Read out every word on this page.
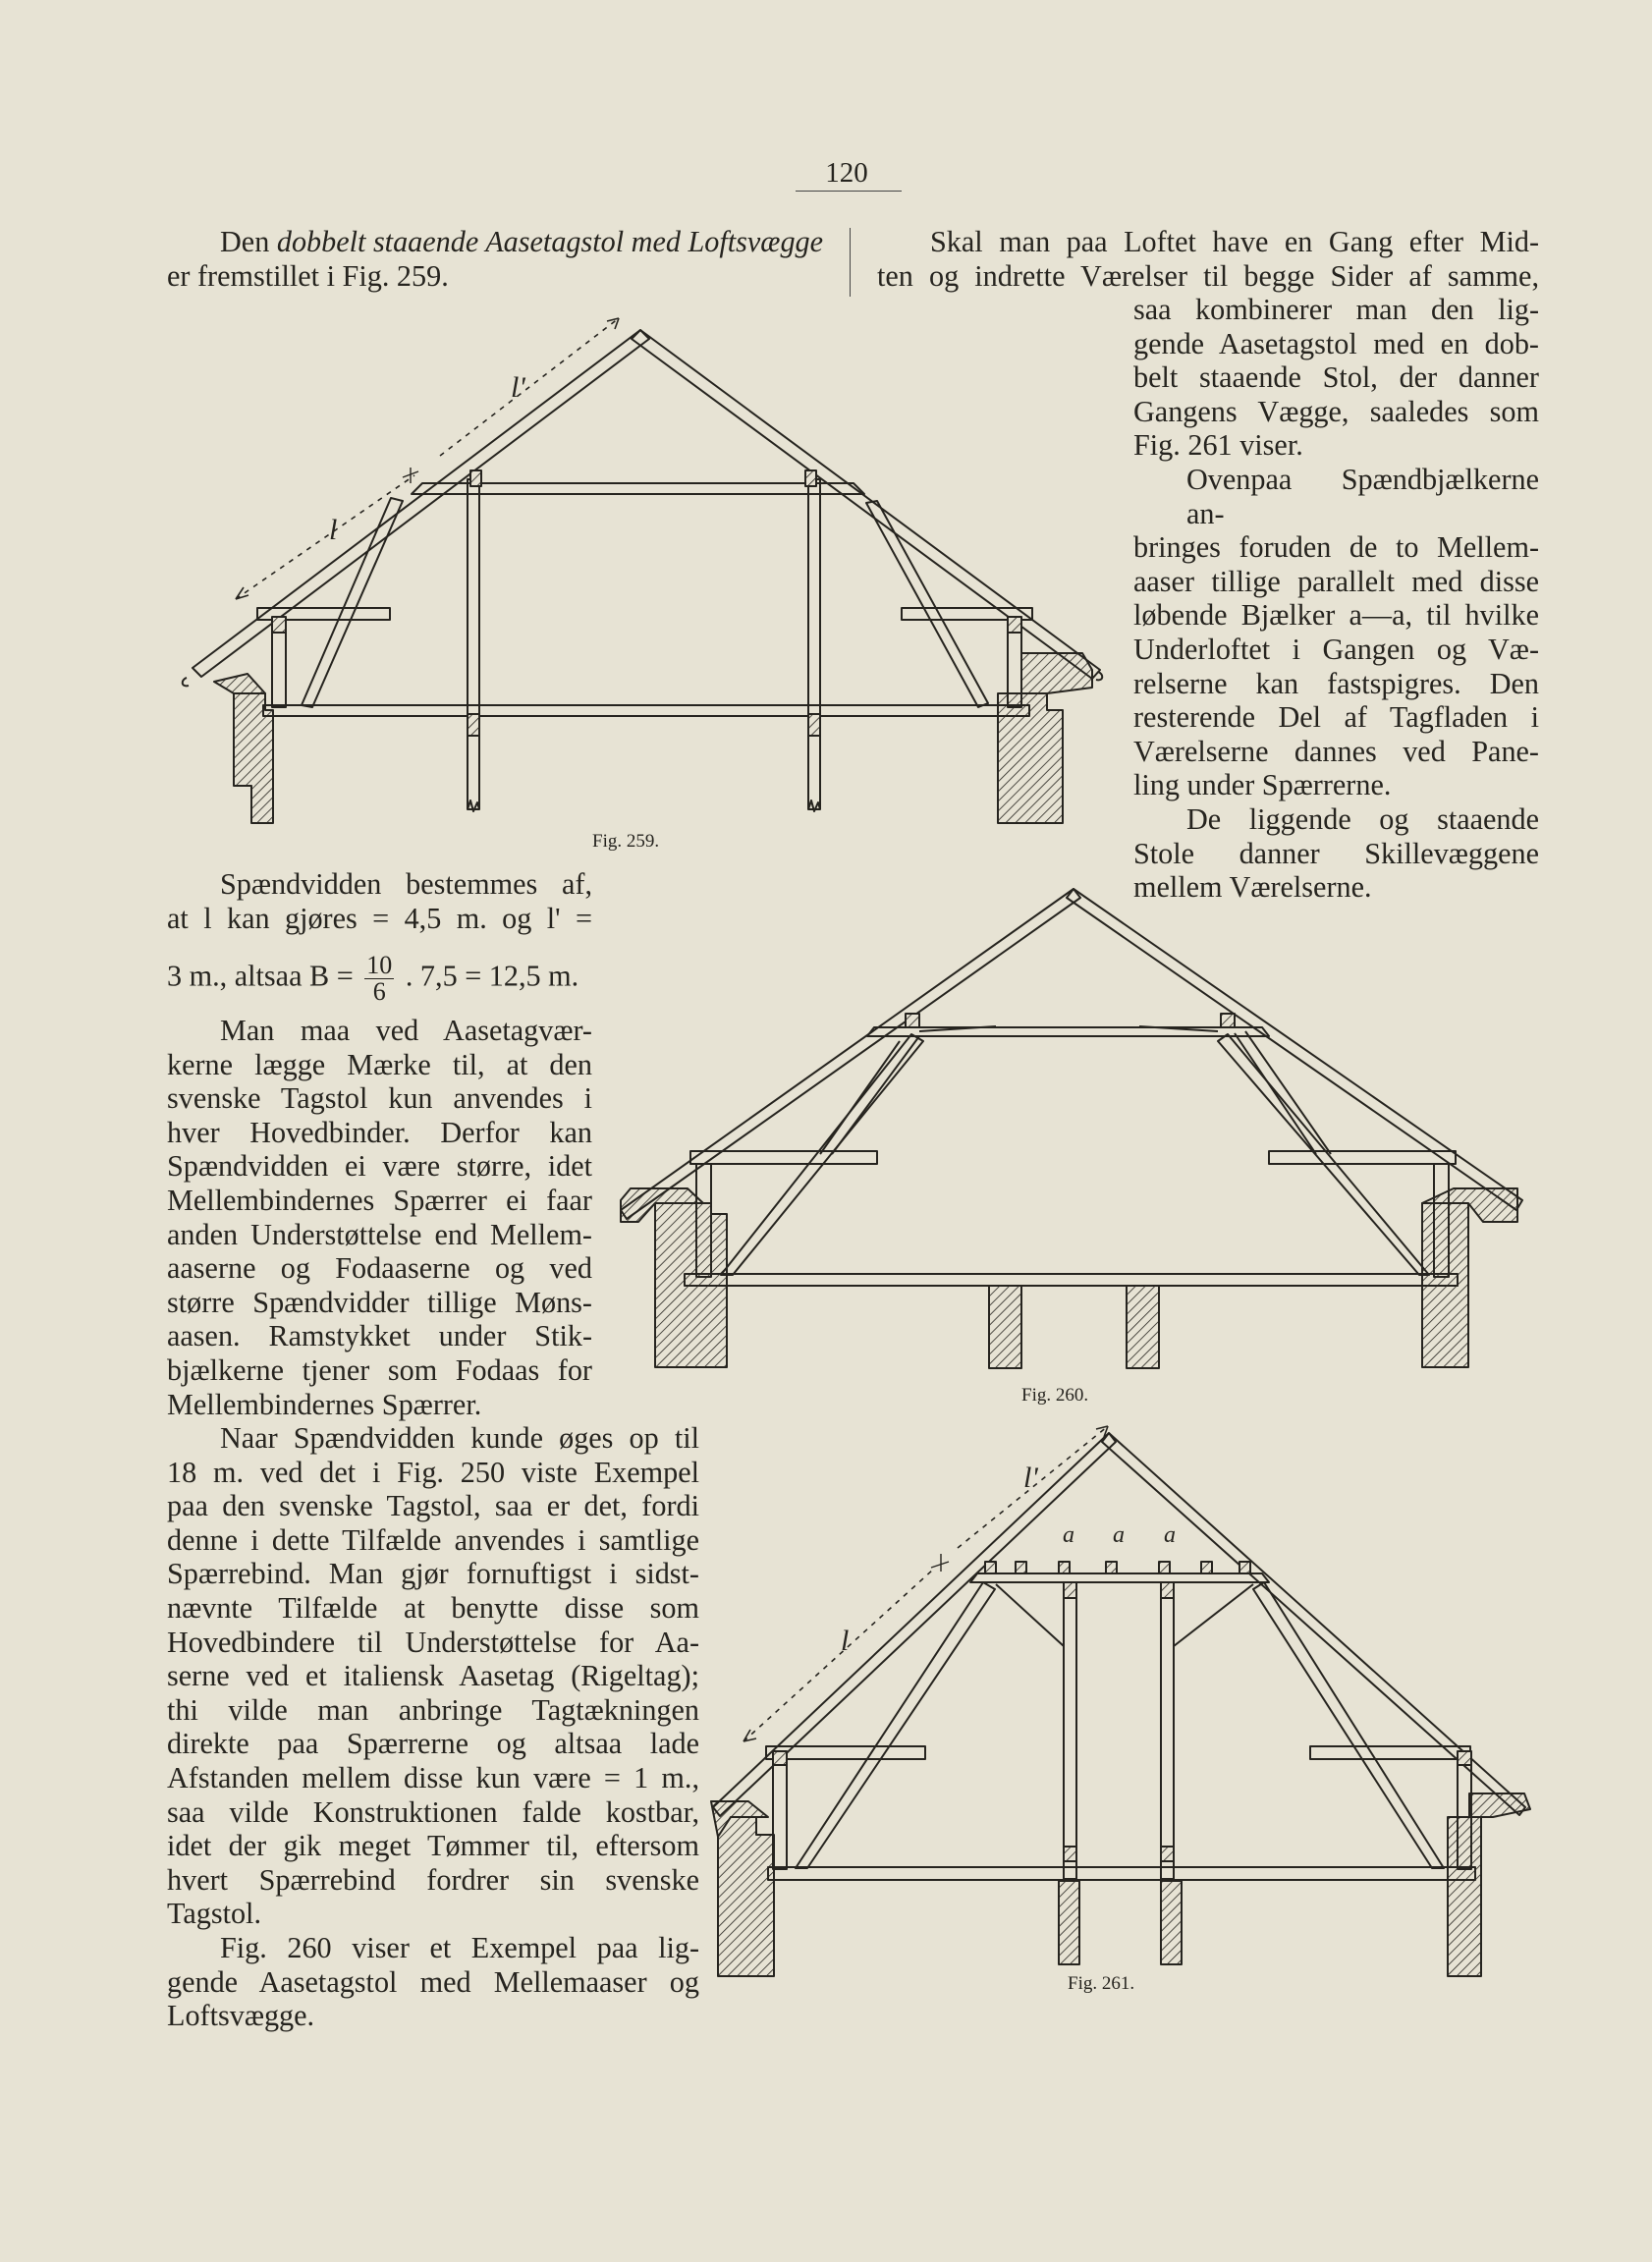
120
Den dobbelt staaende Aasetagstol med Loftsvægge
er fremstillet i Fig. 259.
Skal man paa Loftet have en Gang efter Mid-
ten og indrette Værelser til begge Sider af samme,
saa kombinerer man den lig-
gende Aasetagstol med en dob-
belt staaende Stol, der danner
Gangens Vægge, saaledes som
Fig. 261 viser.
Ovenpaa Spændbjælkerne an-
bringes foruden de to Mellem-
aaser tillige parallelt med disse
løbende Bjælker a—a, til hvilke
Underloftet i Gangen og Væ-
relserne kan fastspigres. Den
resterende Del af Tagfladen i
Værelserne dannes ved Pane-
ling under Spærrerne.
De liggende og staaende
Stole danner Skillevæggene
mellem Værelserne.
Spændvidden bestemmes af,
at l kan gjøres = 4,5 m. og l' =
3 m., altsaa $B = \frac{10}{6}$ . 7,5 = 12,5 m.
Man maa ved Aasetagvær-
kerne lægge Mærke til, at den
svenske Tagstol kun anvendes i
hver Hovedbinder. Derfor kan
Spændvidden ei være større, idet
Mellembindernes Spærrer ei faar
anden Understøttelse end Mellem-
aaserne og Fodaaserne og ved
større Spændvidder tillige Møns-
aasen. Ramstykket under Stik-
bjælkerne tjener som Fodaas for
Mellembindernes Spærrer.
Naar Spændvidden kunde øges op til
18 m. ved det i Fig. 250 viste Exempel
paa den svenske Tagstol, saa er det, fordi
denne i dette Tilfælde anvendes i samtlige
Spærrebind. Man gjør fornuftigst i sidst-
nævnte Tilfælde at benytte disse som
Hovedbindere til Understøttelse for Aa-
serne ved et italiensk Aasetag (Rigeltag);
thi vilde man anbringe Tagtækningen
direkte paa Spærrerne og altsaa lade
Afstanden mellem disse kun være = 1 m.,
saa vilde Konstruktionen falde kostbar,
idet der gik meget Tømmer til, eftersom
hvert Spærrebind fordrer sin svenske
Tagstol.
Fig. 260 viser et Exempel paa lig-
gende Aasetagstol med Mellemaaser og
Loftsvægge.
Fig. 259.
l'
l
Fig. 260.
Fig. 261.
l'
l
a a a
